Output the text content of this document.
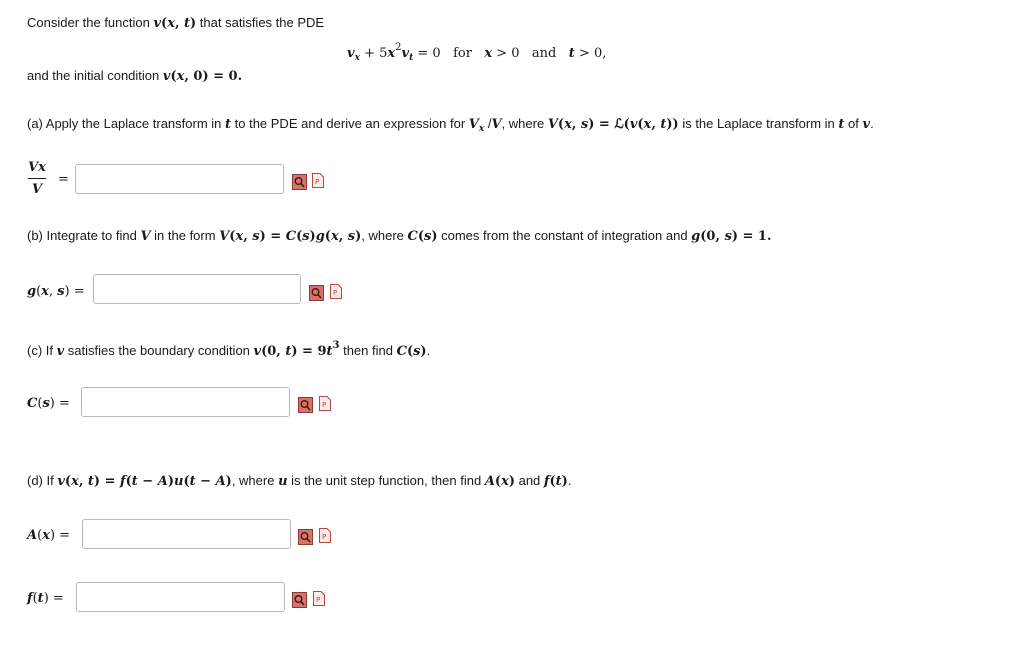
Consider the function v(x, t) that satisfies the PDE
$v_x + 5x^2v_t = 0$   for   x > 0   and   t > 0,
and the initial condition v(x, 0) = 0.
(a) Apply the Laplace transform in t to the PDE and derive an expression for $V_x$ /V, where V(x, s) = ℒ(v(x, t)) is the Laplace transform in t of v.
Vx
V
=	P
(b) Integrate to find V in the form V(x, s) = C(s)g(x, s), where C(s) comes from the constant of integration and g(0, s) = 1.
g(x, s) =	P
(c) If v satisfies the boundary condition v(0, $t) = 9t^3$ then find C(s).
C(s) =	P
(d) If v(x, t) = f(t − A)u(t − A), where u is the unit step function, then find A(x) and f(t).
A(x) =	P
f(t) =	P
